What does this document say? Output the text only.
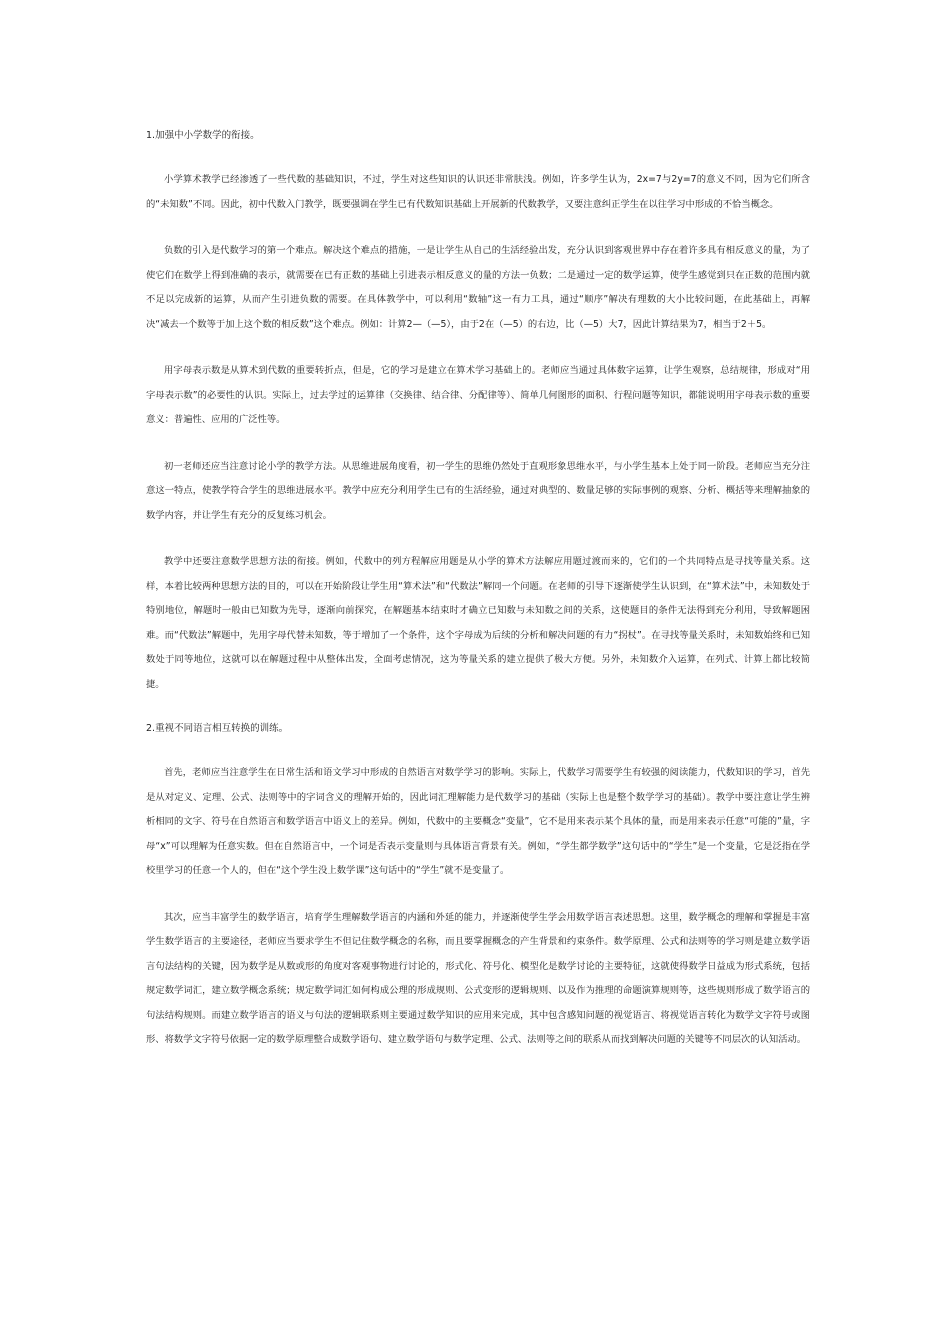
1.加强中小学数学的衔接。

小学算术教学已经渗透了一些代数的基础知识，不过，学生对这些知识的认识还非常肤浅。例如，许多学生认为，2x=7与2y=7的意义不同，因为它们所含的“未知数”不同。因此，初中代数入门教学，既要强调在学生已有代数知识基础上开展新的代数教学，又要注意纠正学生在以往学习中形成的不恰当概念。

负数的引入是代数学习的第一个难点。解决这个难点的措施，一是让学生从自己的生活经验出发，充分认识到客观世界中存在着许多具有相反意义的量，为了使它们在数学上得到准确的表示，就需要在已有正数的基础上引进表示相反意义的量的方法一负数；二是通过一定的数学运算，使学生感觉到只在正数的范围内就不足以完成新的运算，从而产生引进负数的需要。在具体教学中，可以利用“数轴”这一有力工具，通过“顺序”解决有理数的大小比较问题，在此基础上，再解决“减去一个数等于加上这个数的相反数”这个难点。例如：计算2—（—5），由于2在（—5）的右边，比（—5）大7，因此计算结果为7，相当于2＋5。

用字母表示数是从算术到代数的重要转折点，但是，它的学习是建立在算术学习基础上的。老师应当通过具体数字运算，让学生观察，总结规律，形成对“用字母表示数”的必要性的认识。实际上，过去学过的运算律（交换律、结合律、分配律等）、简单几何图形的面积、行程问题等知识，都能说明用字母表示数的重要意义：普遍性、应用的广泛性等。

初一老师还应当注意讨论小学的教学方法。从思维进展角度看，初一学生的思维仍然处于直观形象思维水平，与小学生基本上处于同一阶段。老师应当充分注意这一特点，使教学符合学生的思维进展水平。教学中应充分利用学生已有的生活经验，通过对典型的、数量足够的实际事例的观察、分析、概括等来理解抽象的数学内容，并让学生有充分的反复练习机会。

教学中还要注意数学思想方法的衔接。例如，代数中的列方程解应用题是从小学的算术方法解应用题过渡而来的，它们的一个共同特点是寻找等量关系。这样，本着比较两种思想方法的目的，可以在开始阶段让学生用“算术法”和“代数法”解同一个问题。在老师的引导下逐渐使学生认识到，在“算术法”中，未知数处于特别地位，解题时一般由已知数为先导，逐渐向前探究，在解题基本结束时才确立已知数与未知数之间的关系，这使题目的条件无法得到充分利用，导致解题困难。而“代数法”解题中，先用字母代替未知数，等于增加了一个条件，这个字母成为后续的分析和解决问题的有力“拐杖”。在寻找等量关系时，未知数始终和已知数处于同等地位，这就可以在解题过程中从整体出发，全面考虑情况，这为等量关系的建立提供了极大方便。另外，未知数介入运算，在列式、计算上都比较简捷。

2.重视不同语言相互转换的训练。

首先，老师应当注意学生在日常生活和语文学习中形成的自然语言对数学学习的影响。实际上，代数学习需要学生有较强的阅读能力，代数知识的学习，首先是从对定义、定理、公式、法则等中的字词含义的理解开始的，因此词汇理解能力是代数学习的基础（实际上也是整个数学学习的基础）。教学中要注意让学生辨析相同的文字、符号在自然语言和数学语言中语义上的差异。例如，代数中的主要概念“变量”，它不是用来表示某个具体的量，而是用来表示任意“可能的”量，字母“x”可以理解为任意实数。但在自然语言中，一个词是否表示变量则与具体语言背景有关。例如，“学生都学数学”这句话中的“学生”是一个变量，它是泛指在学校里学习的任意一个人的，但在“这个学生没上数学课”这句话中的“学生”就不是变量了。

其次，应当丰富学生的数学语言，培育学生理解数学语言的内涵和外延的能力，并逐渐使学生学会用数学语言表述思想。这里，数学概念的理解和掌握是丰富学生数学语言的主要途径，老师应当要求学生不但记住数学概念的名称，而且要掌握概念的产生背景和约束条件。数学原理、公式和法则等的学习则是建立数学语言句法结构的关键，因为数学是从数或形的角度对客观事物进行讨论的，形式化、符号化、模型化是数学讨论的主要特征，这就使得数学日益成为形式系统，包括规定数学词汇，建立数学概念系统；规定数学词汇如何构成公理的形成规则、公式变形的逻辑规则、以及作为推理的命题演算规则等，这些规则形成了数学语言的句法结构规则。而建立数学语言的语义与句法的逻辑联系则主要通过数学知识的应用来完成，其中包含感知问题的视觉语言、将视觉语言转化为数学文字符号或图形、将数学文字符号依据一定的数学原理整合成数学语句、建立数学语句与数学定理、公式、法则等之间的联系从而找到解决问题的关键等不同层次的认知活动。
